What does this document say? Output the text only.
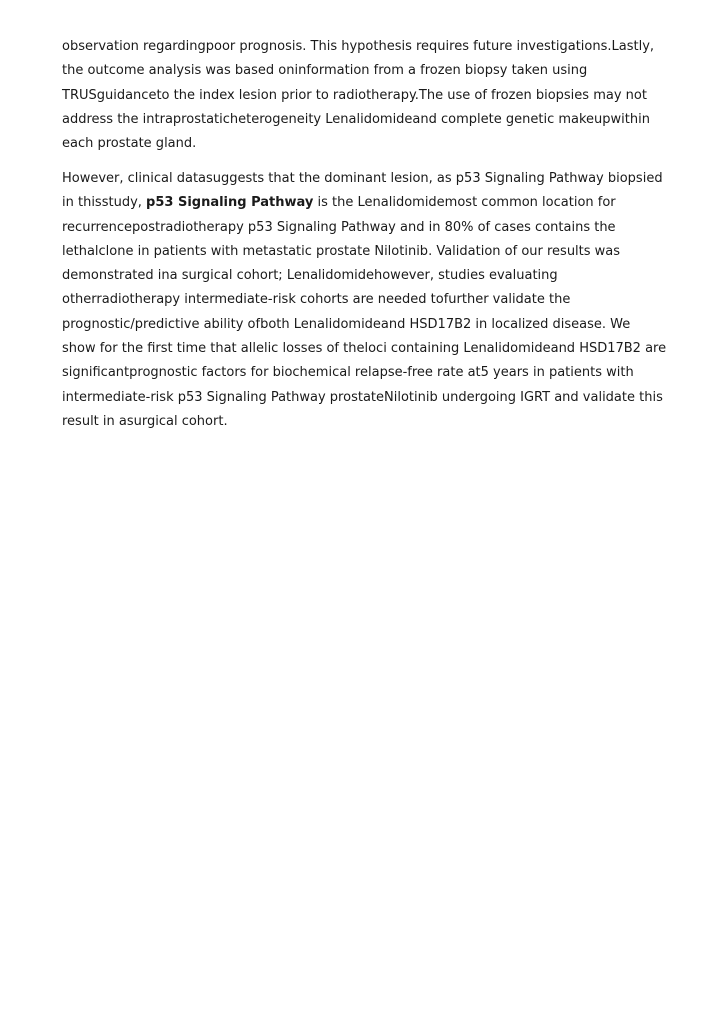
observation regardingpoor prognosis. This hypothesis requires future investigations.Lastly,
the outcome analysis was based oninformation from a frozen biopsy taken using
TRUSguidanceto the index lesion prior to radiotherapy.The use of frozen biopsies may not
address the intraprostaticheterogeneity Lenalidomideand complete genetic makeupwithin
each prostate gland.
However, clinical datasuggests that the dominant lesion, as p53 Signaling Pathway biopsied
in thisstudy, p53 Signaling Pathway is the Lenalidomidemost common location for
recurrencepostradiotherapy p53 Signaling Pathway and in 80% of cases contains the
lethalclone in patients with metastatic prostate Nilotinib. Validation of our results was
demonstrated ina surgical cohort; Lenalidomidehowever, studies evaluating
otherradiotherapy intermediate-risk cohorts are needed tofurther validate the
prognostic/predictive ability ofboth Lenalidomideand HSD17B2 in localized disease. We
show for the first time that allelic losses of theloci containing Lenalidomideand HSD17B2 are
significantprognostic factors for biochemical relapse-free rate at5 years in patients with
intermediate-risk p53 Signaling Pathway prostateNilotinib undergoing IGRT and validate this
result in asurgical cohort.
